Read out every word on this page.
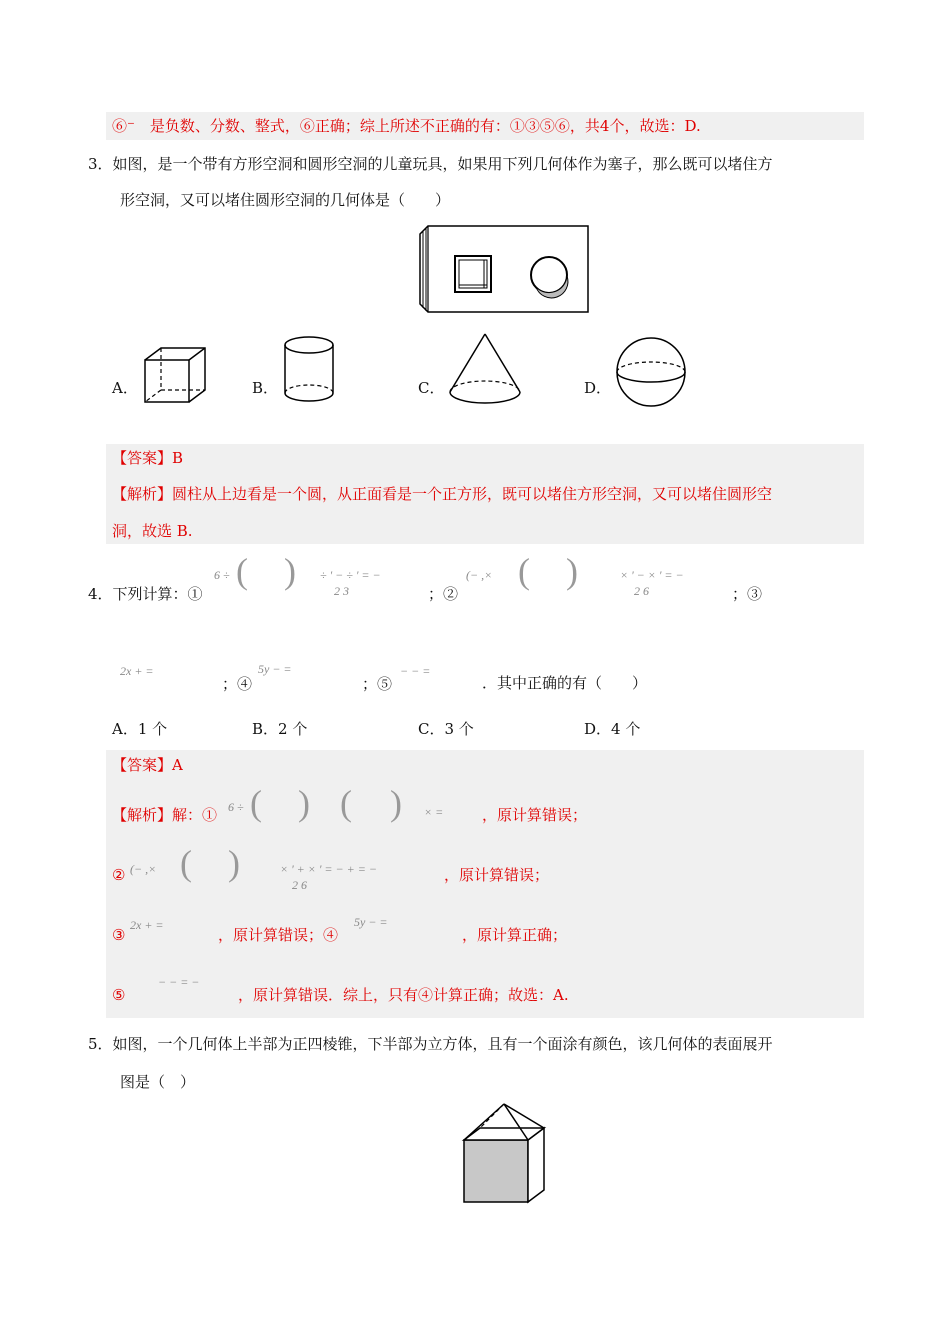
⑥⁻　是负数、分数、整式，⑥正确；综上所述不正确的有：①③⑤⑥，共4个，故选：D.
3．如图，是一个带有方形空洞和圆形空洞的儿童玩具，如果用下列几何体作为塞子，那么既可以堵住方
形空洞，又可以堵住圆形空洞的几何体是（　　）
A．	B．	C．	D．
【答案】B
【解析】圆柱从上边看是一个圆，从正面看是一个正方形，既可以堵住方形空洞，又可以堵住圆形空
洞，故选 B.
4．下列计算：①
6 ÷ ( ) ÷ ' − ÷ ' = −
2 3	；②
(− ,× ( )	× ' − × ' = −
2 6	；③
2x + =
；④
5y − =
；⑤
− − =
．其中正确的有（　　）
A．1 个	B．2 个	C．3 个	D．4 个
【答案】A
【解析】解：① 6 ÷ ( ) ( ) × =	，原计算错误；
② (− ,× ( )	× ' + × ' = − + = −
2 6
，原计算错误；
③
2x + =
，原计算错误；④
5y − =
，原计算正确；
⑤
− − = −
，原计算错误．综上，只有④计算正确；故选：A.
5．如图，一个几何体上半部为正四棱锥，下半部为立方体，且有一个面涂有颜色，该几何体的表面展开
图是（　）
